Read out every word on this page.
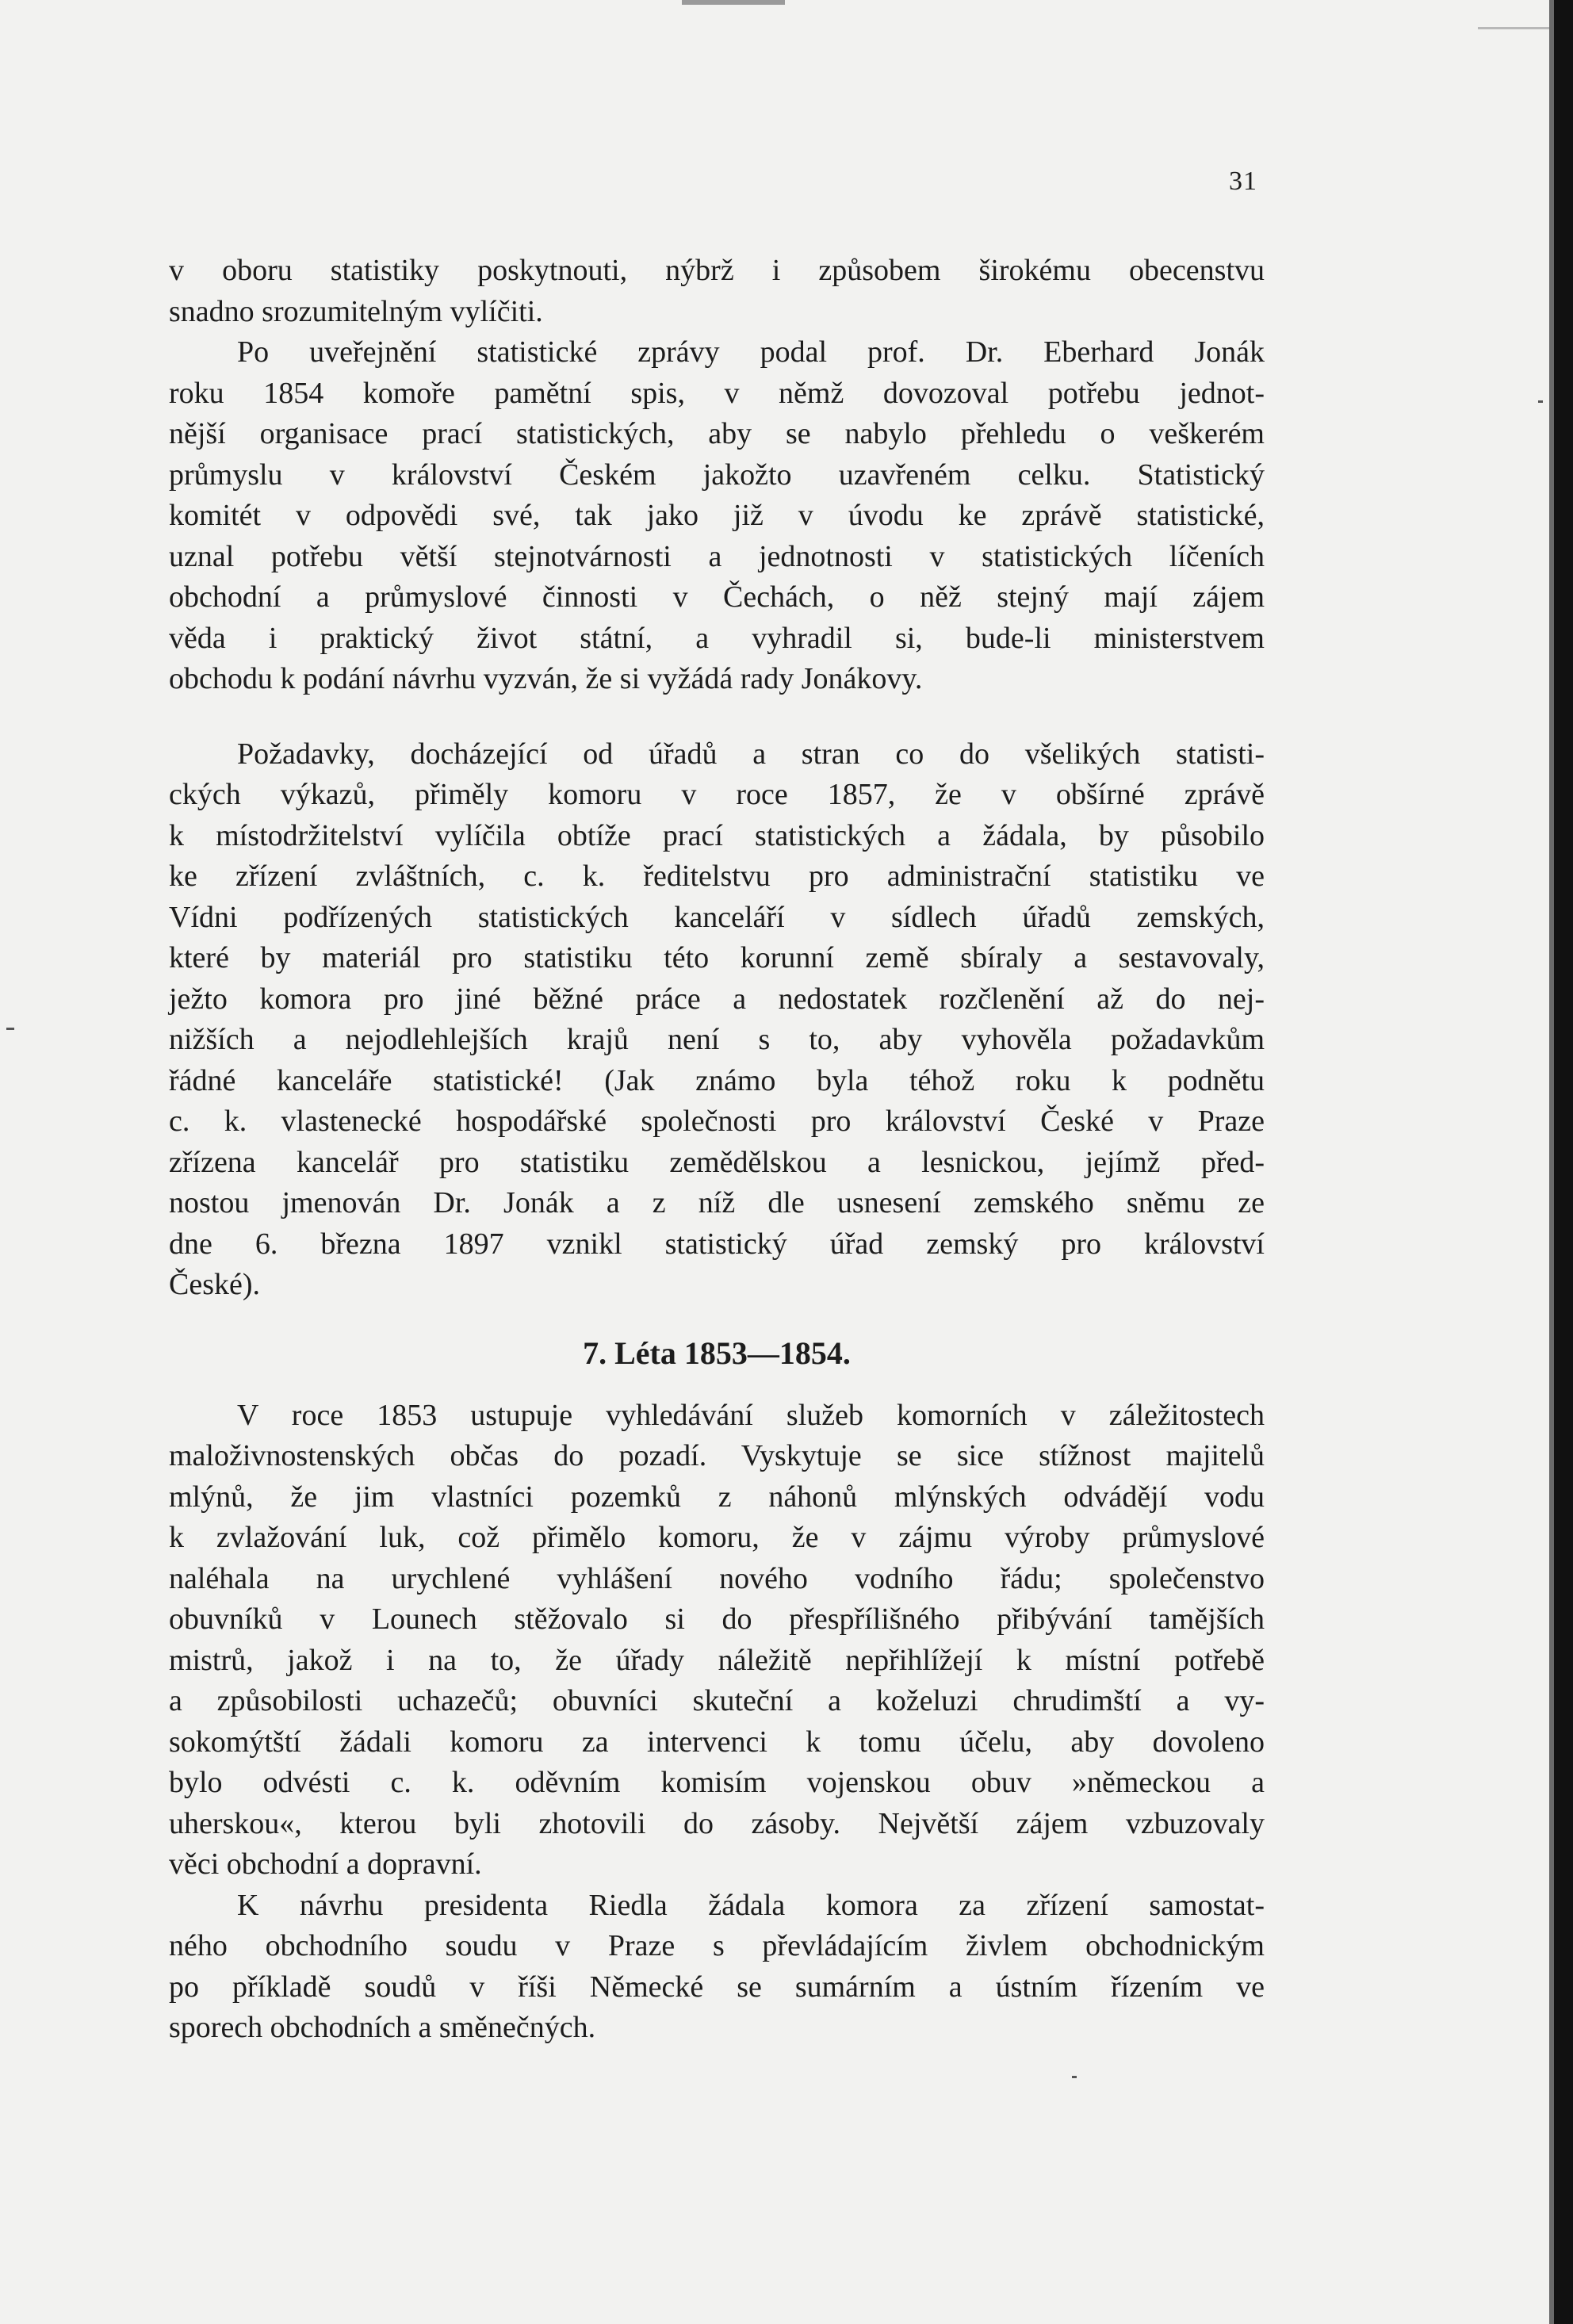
31
v oboru statistiky poskytnouti, nýbrž i způsobem širokému obecenstvu
snadno srozumitelným vylíčiti.
Po uveřejnění statistické zprávy podal prof. Dr. Eberhard Jonák
roku 1854 komoře pamětní spis, v němž dovozoval potřebu jednot-
nější organisace prací statistických, aby se nabylo přehledu o veškerém
průmyslu v království Českém jakožto uzavřeném celku. Statistický
komitét v odpovědi své, tak jako již v úvodu ke zprávě statistické,
uznal potřebu větší stejnotvárnosti a jednotnosti v statistických líčeních
obchodní a průmyslové činnosti v Čechách, o něž stejný mají zájem
věda i praktický život státní, a vyhradil si, bude-li ministerstvem
obchodu k podání návrhu vyzván, že si vyžádá rady Jonákovy.
Požadavky, docházející od úřadů a stran co do všelikých statisti-
ckých výkazů, přiměly komoru v roce 1857, že v obšírné zprávě
k místodržitelství vylíčila obtíže prací statistických a žádala, by působilo
ke zřízení zvláštních, c. k. ředitelstvu pro administrační statistiku ve
Vídni podřízených statistických kanceláří v sídlech úřadů zemských,
které by materiál pro statistiku této korunní země sbíraly a sestavovaly,
ježto komora pro jiné běžné práce a nedostatek rozčlenění až do nej-
nižších a nejodlehlejších krajů není s to, aby vyhověla požadavkům
řádné kanceláře statistické! (Jak známo byla téhož roku k podnětu
c. k. vlastenecké hospodářské společnosti pro království České v Praze
zřízena kancelář pro statistiku zemědělskou a lesnickou, jejímž před-
nostou jmenován Dr. Jonák a z níž dle usnesení zemského sněmu ze
dne 6. března 1897 vznikl statistický úřad zemský pro království
České).
7. Léta 1853—1854.
V roce 1853 ustupuje vyhledávání služeb komorních v záležitostech
maloživnostenských občas do pozadí. Vyskytuje se sice stížnost majitelů
mlýnů, že jim vlastníci pozemků z náhonů mlýnských odvádějí vodu
k zvlažování luk, což přimělo komoru, že v zájmu výroby průmyslové
naléhala na urychlené vyhlášení nového vodního řádu; společenstvo
obuvníků v Lounech stěžovalo si do přespřílišného přibývání tamějších
mistrů, jakož i na to, že úřady náležitě nepřihlížejí k místní potřebě
a způsobilosti uchazečů; obuvníci skuteční a koželuzi chrudimští a vy-
sokomýtští žádali komoru za intervenci k tomu účelu, aby dovoleno
bylo odvésti c. k. oděvním komisím vojenskou obuv »německou a
uherskou«, kterou byli zhotovili do zásoby. Největší zájem vzbuzovaly
věci obchodní a dopravní.
K návrhu presidenta Riedla žádala komora za zřízení samostat-
ného obchodního soudu v Praze s převládajícím živlem obchodnickým
po příkladě soudů v říši Německé se sumárním a ústním řízením ve
sporech obchodních a směnečných.
